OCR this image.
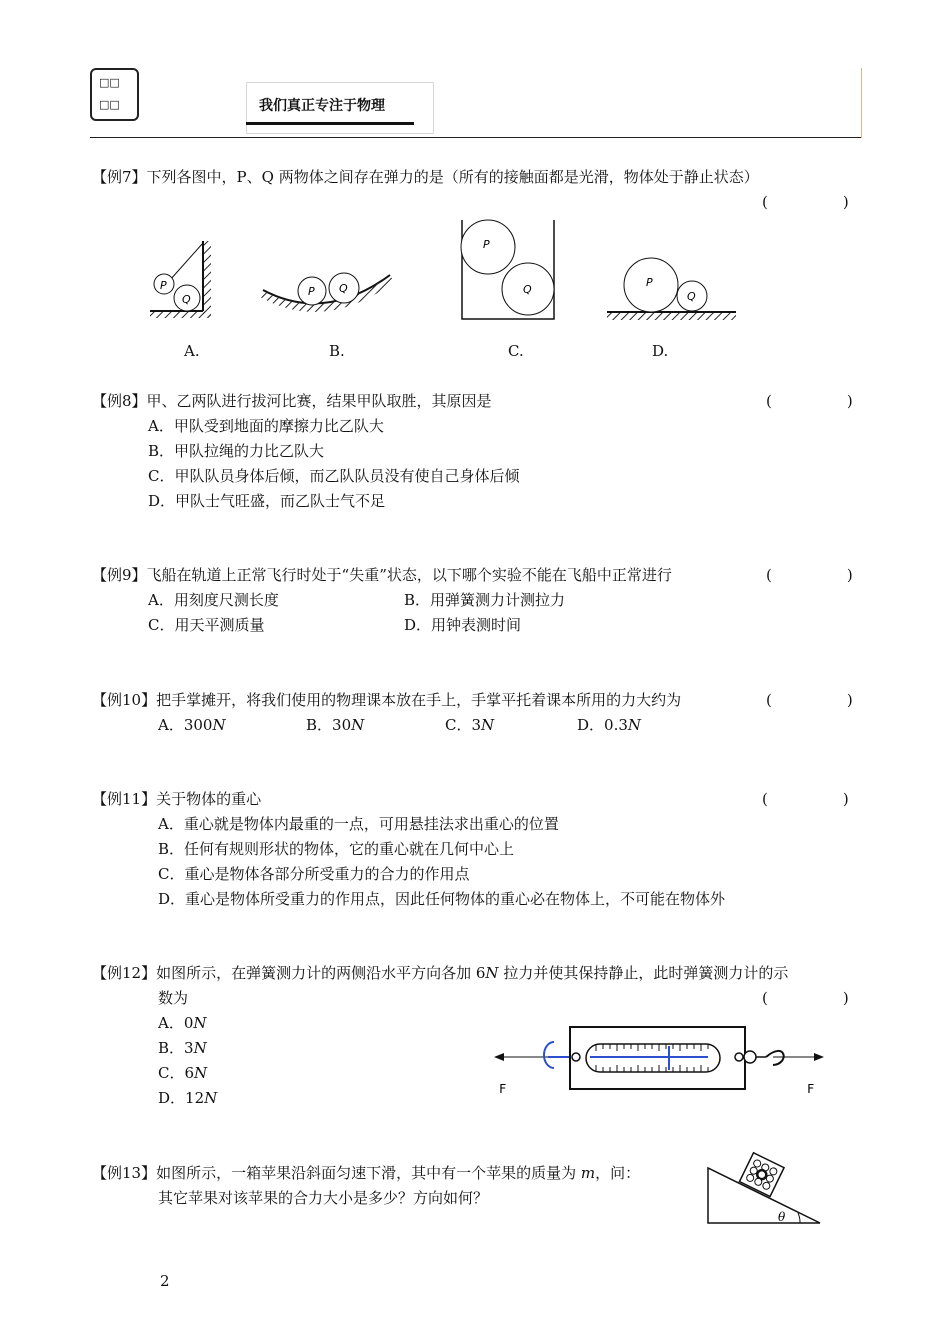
□□
□□	我们真正专注于物理
【例7】下列各图中，P、Q 两物体之间存在弹力的是（所有的接触面都是光滑，物体处于静止状态）
(　　　　　)
P
Q
P Q
P
Q
P
Q
A.	B.	C.	D.
【例8】甲、乙两队进行拔河比赛，结果甲队取胜，其原因是	(　　　　　)
A．甲队受到地面的摩擦力比乙队大
B．甲队拉绳的力比乙队大
C．甲队队员身体后倾，而乙队队员没有使自己身体后倾
D．甲队士气旺盛，而乙队士气不足
【例9】飞船在轨道上正常飞行时处于“失重”状态，以下哪个实验不能在飞船中正常进行	(　　　　　)
A．用刻度尺测长度	B．用弹簧测力计测拉力
C．用天平测质量	D．用钟表测时间
【例10】把手掌摊开，将我们使用的物理课本放在手上，手掌平托着课本所用的力大约为	(　　　　　)
A．300N	B．30N	C．3N	D．0.3N
【例11】关于物体的重心	(　　　　　)
A．重心就是物体内最重的一点，可用悬挂法求出重心的位置
B．任何有规则形状的物体，它的重心就在几何中心上
C．重心是物体各部分所受重力的合力的作用点
D．重心是物体所受重力的作用点，因此任何物体的重心必在物体上，不可能在物体外
【例12】如图所示，在弹簧测力计的两侧沿水平方向各加 6N 拉力并使其保持静止，此时弹簧测力计的示
数为	(　　　　　)
A．0N
B．3N
C．6N
D．12N	F	F
【例13】如图所示，一箱苹果沿斜面匀速下滑，其中有一个苹果的质量为 m，问：
其它苹果对该苹果的合力大小是多少？方向如何？
θ
2
